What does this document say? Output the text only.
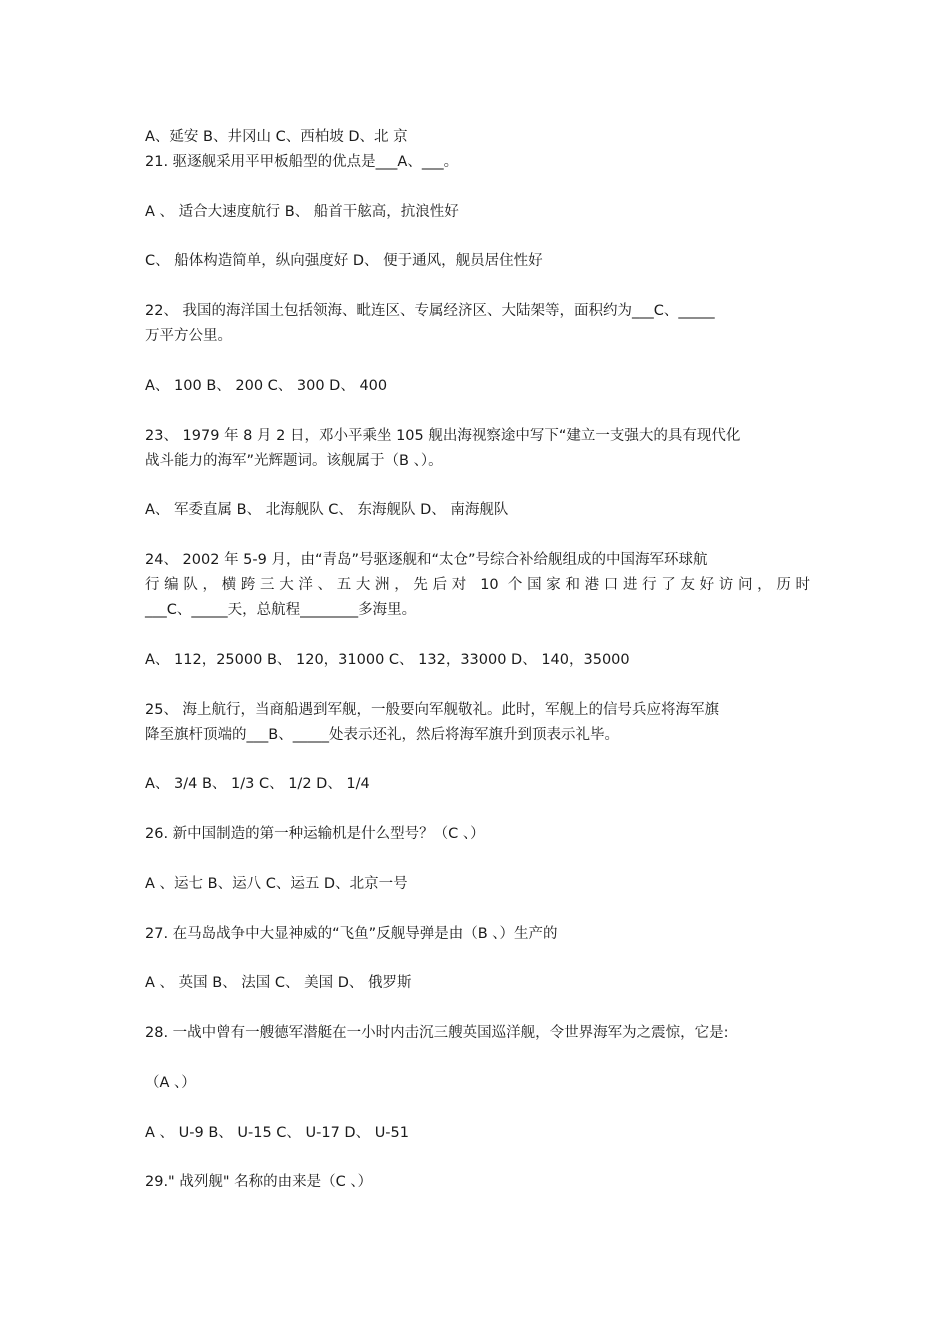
A、延安 B、井冈山 C、西柏坡 D、北 京
21. 驱逐舰采用平甲板船型的优点是___A、___。
A 、 适合大速度航行 B、 船首干舷高，抗浪性好
C、 船体构造简单，纵向强度好 D、 便于通风，舰员居住性好
22、 我国的海洋国土包括领海、毗连区、专属经济区、大陆架等，面积约为___C、_____
万平方公里。
A、 100 B、 200 C、 300 D、 400
23、 1979 年 8 月 2 日，邓小平乘坐 105 舰出海视察途中写下“建立一支强大的具有现代化
战斗能力的海军”光辉题词。该舰属于（B 、）。
A、 军委直属 B、 北海舰队 C、 东海舰队 D、 南海舰队
24、 2002 年 5-9 月，由“青岛”号驱逐舰和“太仓”号综合补给舰组成的中国海军环球航
行编队，横跨三大洋、五大洲，先后对 10 个国家和港口进行了友好访问，历时
___C、_____天，总航程________多海里。
A、 112，25000 B、 120，31000 C、 132，33000 D、 140，35000
25、 海上航行，当商船遇到军舰，一般要向军舰敬礼。此时，军舰上的信号兵应将海军旗
降至旗杆顶端的___B、_____处表示还礼，然后将海军旗升到顶表示礼毕。
A、 3/4 B、 1/3 C、 1/2 D、 1/4
26. 新中国制造的第一种运输机是什么型号？（C 、）
A 、运七 B、运八 C、运五 D、北京一号
27. 在马岛战争中大显神威的“飞鱼”反舰导弹是由（B 、）生产的
A 、 英国 B、 法国 C、 美国 D、 俄罗斯
28. 一战中曾有一艘德军潜艇在一小时内击沉三艘英国巡洋舰，令世界海军为之震惊，它是:
（A 、）
A 、 U-9 B、 U-15 C、 U-17 D、 U-51
29." 战列舰" 名称的由来是（C 、）
